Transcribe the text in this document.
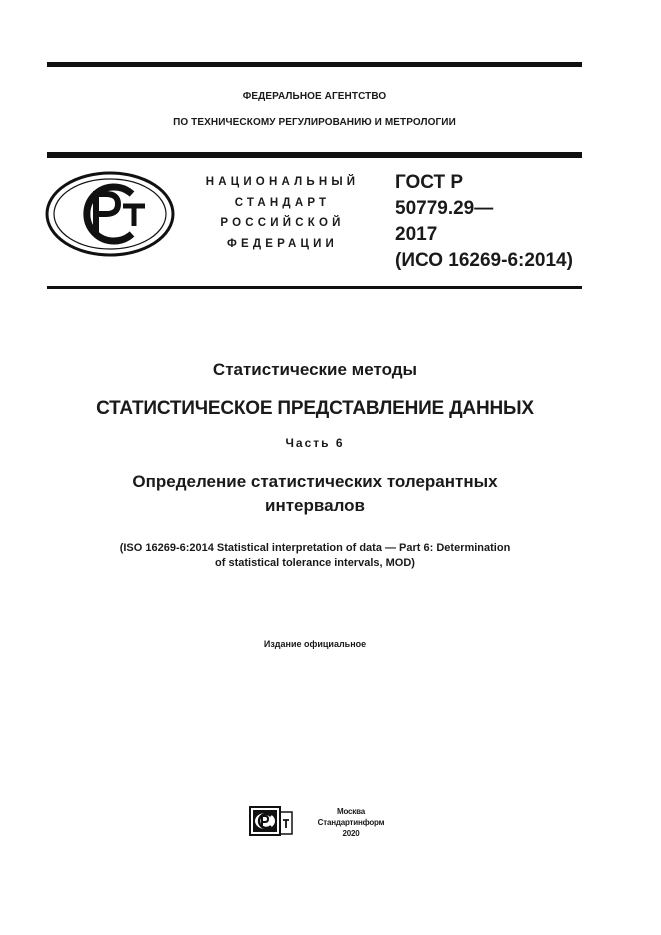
ФЕДЕРАЛЬНОЕ АГЕНТСТВО
ПО ТЕХНИЧЕСКОМУ РЕГУЛИРОВАНИЮ И МЕТРОЛОГИИ
НАЦИОНАЛЬНЫЙ
СТАНДАРТ
РОССИЙСКОЙ
ФЕДЕРАЦИИ
ГОСТ Р
50779.29—
2017
(ИСО 16269-6:2014)
Статистические методы
СТАТИСТИЧЕСКОЕ ПРЕДСТАВЛЕНИЕ ДАННЫХ
Часть 6
Определение статистических толерантных
интервалов
(ISO 16269-6:2014 Statistical interpretation of data — Part 6: Determination
of statistical tolerance intervals, MOD)
Издание официальное
Москва
Стандартинформ
2020
